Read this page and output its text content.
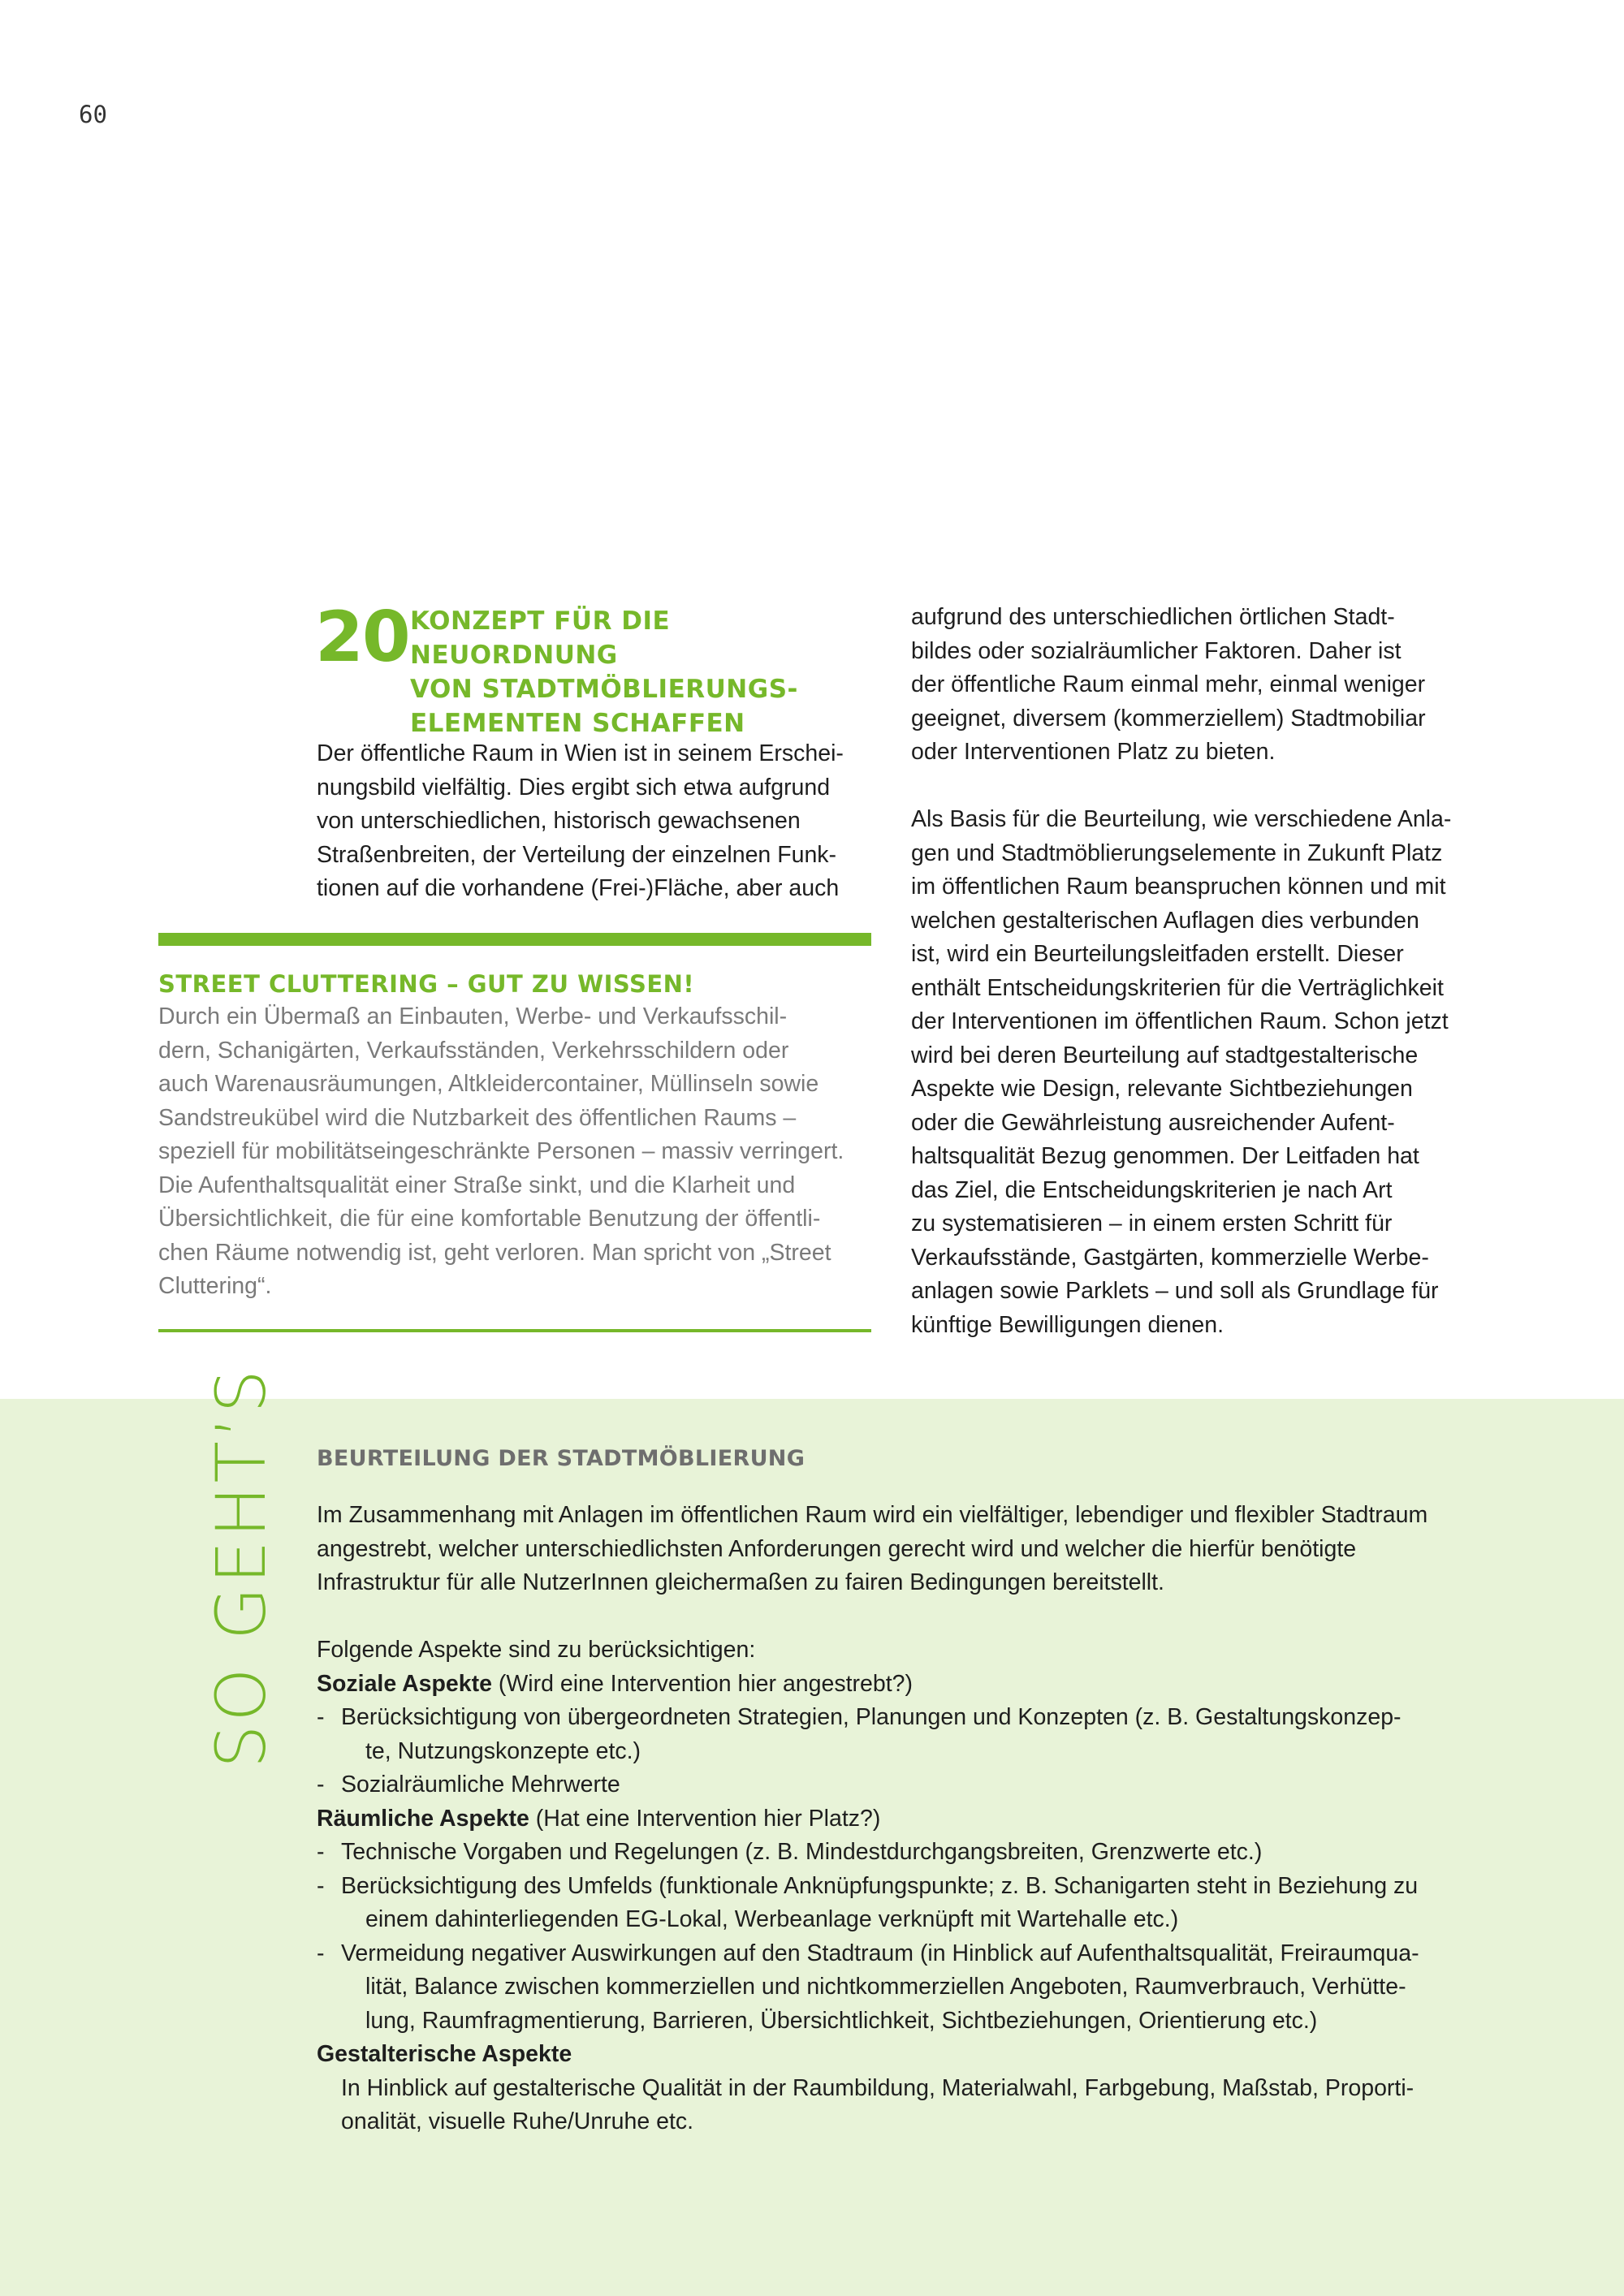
60
20 KONZEPT FÜR DIE NEUORDNUNG
VON STADTMÖBLIERUNGS-
ELEMENTEN SCHAFFEN
Der öffentliche Raum in Wien ist in seinem Erschei-
nungsbild vielfältig. Dies ergibt sich etwa aufgrund
von unterschiedlichen, historisch gewachsenen
Straßenbreiten, der Verteilung der einzelnen Funk-
tionen auf die vorhandene (Frei-)Fläche, aber auch
STREET CLUTTERING – GUT ZU WISSEN!
Durch ein Übermaß an Einbauten, Werbe- und Verkaufsschil-
dern, Schanigärten, Verkaufsständen, Verkehrsschildern oder
auch Warenausräumungen, Altkleidercontainer, Müllinseln sowie
Sandstreukübel wird die Nutzbarkeit des öffentlichen Raums –
speziell für mobilitätseingeschränkte Personen – massiv verringert.
Die Aufenthaltsqualität einer Straße sinkt, und die Klarheit und
Übersichtlichkeit, die für eine komfortable Benutzung der öffentli-
chen Räume notwendig ist, geht verloren. Man spricht von „Street
Cluttering“.

aufgrund des unterschiedlichen örtlichen Stadt-
bildes oder sozialräumlicher Faktoren. Daher ist
der öffentliche Raum einmal mehr, einmal weniger
geeignet, diversem (kommerziellem) Stadtmobiliar
oder Interventionen Platz zu bieten.

Als Basis für die Beurteilung, wie verschiedene Anla-
gen und Stadtmöblierungselemente in Zukunft Platz
im öffentlichen Raum beanspruchen können und mit
welchen gestalterischen Auflagen dies verbunden
ist, wird ein Beurteilungsleitfaden erstellt. Dieser
enthält Entscheidungskriterien für die Verträglichkeit
der Interventionen im öffentlichen Raum. Schon jetzt
wird bei deren Beurteilung auf stadtgestalterische
Aspekte wie Design, relevante Sichtbeziehungen
oder die Gewährleistung ausreichender Aufent-
haltsqualität Bezug genommen. Der Leitfaden hat
das Ziel, die Entscheidungskriterien je nach Art
zu systematisieren – in einem ersten Schritt für
Verkaufsstände, Gastgärten, kommerzielle Werbe-
anlagen sowie Parklets – und soll als Grundlage für
künftige Bewilligungen dienen.

SO GEHT’S BEURTEILUNG DER STADTMÖBLIERUNG

Im Zusammenhang mit Anlagen im öffentlichen Raum wird ein vielfältiger, lebendiger und flexibler Stadtraum

angestrebt, welcher unterschiedlichsten Anforderungen gerecht wird und welcher die hierfür benötigte

Infrastruktur für alle NutzerInnen gleichermaßen zu fairen Bedingungen bereitstellt.

Folgende Aspekte sind zu berücksichtigen:

Soziale Aspekte (Wird eine Intervention hier angestrebt?)

- Berücksichtigung von übergeordneten Strategien, Planungen und Konzepten (z. B. Gestaltungskonzep-

te, Nutzungskonzepte etc.)

- Sozialräumliche Mehrwerte

Räumliche Aspekte (Hat eine Intervention hier Platz?)

- Technische Vorgaben und Regelungen (z. B. Mindestdurchgangsbreiten, Grenzwerte etc.)

- Berücksichtigung des Umfelds (funktionale Anknüpfungspunkte; z. B. Schanigarten steht in Beziehung zu

einem dahinterliegenden EG-Lokal, Werbeanlage verknüpft mit Wartehalle etc.)

- Vermeidung negativer Auswirkungen auf den Stadtraum (in Hinblick auf Aufenthaltsqualität, Freiraumqua-

lität, Balance zwischen kommerziellen und nichtkommerziellen Angeboten, Raumverbrauch, Verhütte-

lung, Raumfragmentierung, Barrieren, Übersichtlichkeit, Sichtbeziehungen, Orientierung etc.)

Gestalterische Aspekte

In Hinblick auf gestalterische Qualität in der Raumbildung, Materialwahl, Farbgebung, Maßstab, Proporti-

onalität, visuelle Ruhe/Unruhe etc.
